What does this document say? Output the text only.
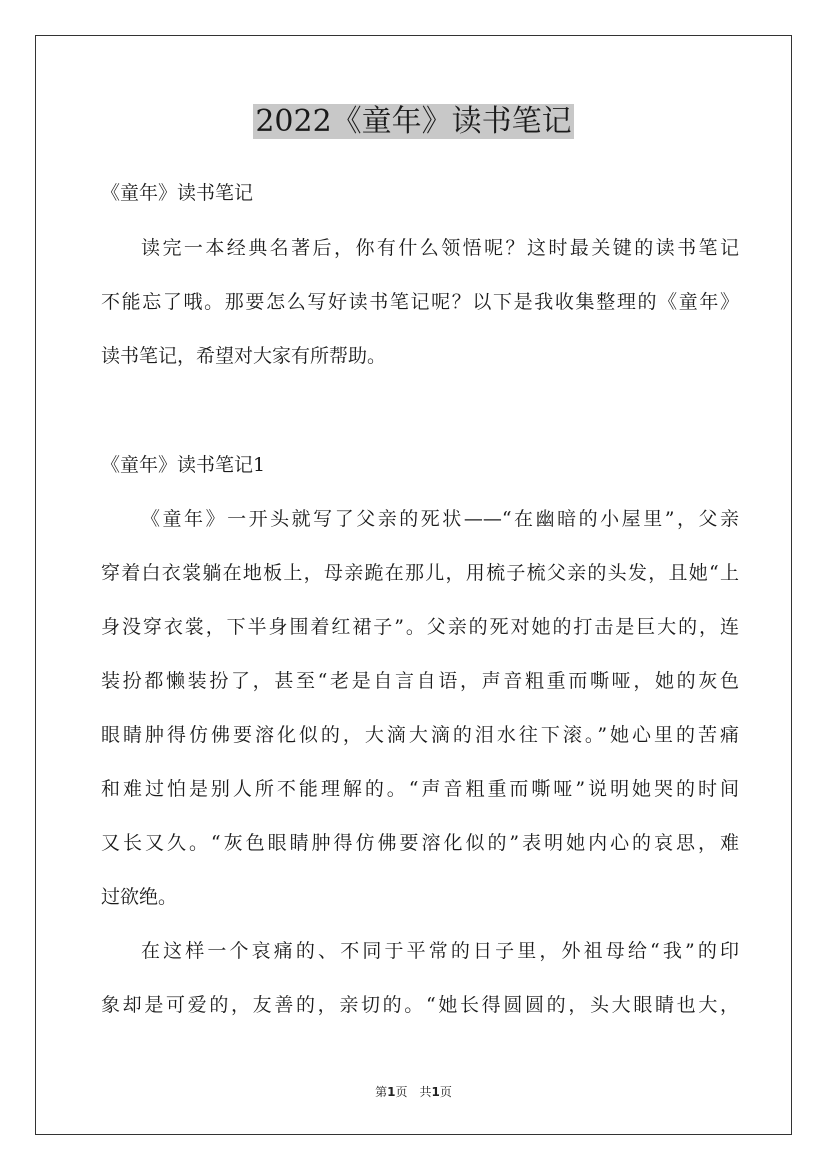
2022《童年》读书笔记
《童年》读书笔记
读完一本经典名著后，你有什么领悟呢？这时最关键的读书笔记
不能忘了哦。那要怎么写好读书笔记呢？以下是我收集整理的《童年》
读书笔记，希望对大家有所帮助。
《童年》读书笔记1
《童年》一开头就写了父亲的死状——“在幽暗的小屋里”，父亲
穿着白衣裳躺在地板上，母亲跪在那儿，用梳子梳父亲的头发，且她“上
身没穿衣裳，下半身围着红裙子”。父亲的死对她的打击是巨大的，连
装扮都懒装扮了，甚至“老是自言自语，声音粗重而嘶哑，她的灰色
眼睛肿得仿佛要溶化似的，大滴大滴的泪水往下滚。”她心里的苦痛
和难过怕是别人所不能理解的。“声音粗重而嘶哑”说明她哭的时间
又长又久。“灰色眼睛肿得仿佛要溶化似的”表明她内心的哀思，难
过欲绝。
在这样一个哀痛的、不同于平常的日子里，外祖母给“我”的印
象却是可爱的，友善的，亲切的。“她长得圆圆的，头大眼睛也大，
第1页　共1页
